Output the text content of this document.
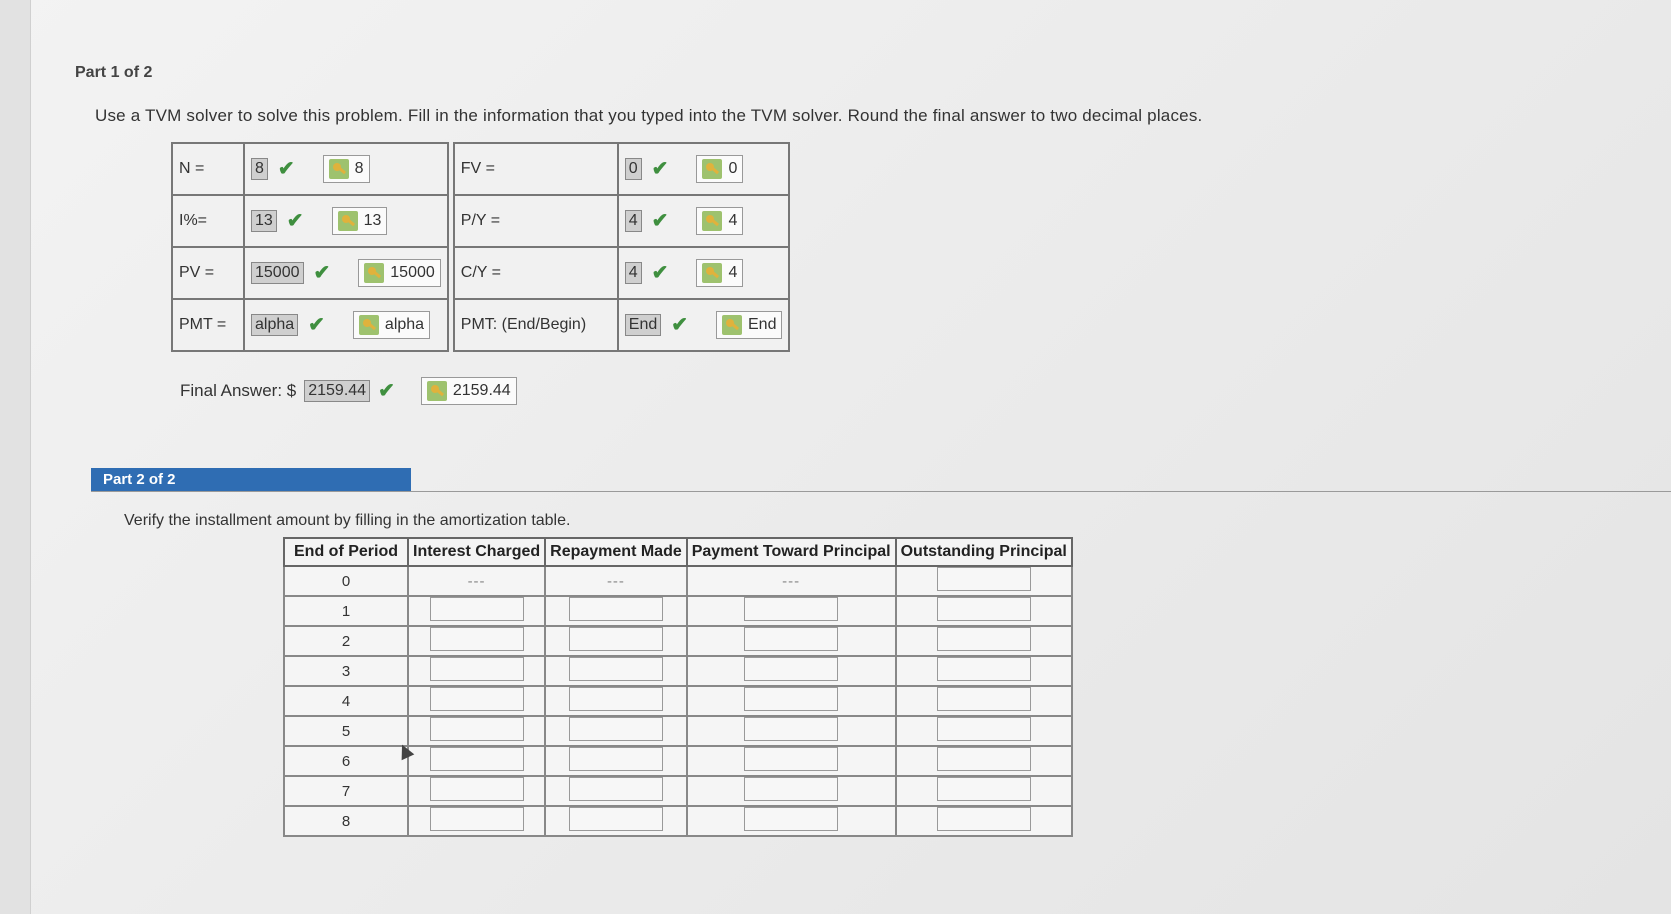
Part 1 of 2
Use a TVM solver to solve this problem. Fill in the information that you typed into the TVM solver. Round the final answer to two decimal places.
N =	8 ✔ 8		FV =	0 ✔ 0

I%=	13 ✔ 13		P/Y =	4 ✔ 4

PV =	15000 ✔ 15000		C/Y =	4 ✔ 4

PMT =	alpha ✔ alpha		PMT: (End/Begin)	End ✔ End
Final Answer: $ 2159.44 ✔	2159.44
Part 2 of 2
Verify the installment amount by filling in the amortization table.
End of Period	Interest Charged	Repayment Made	Payment Toward Principal	Outstanding Principal
0	---	---	---	
1				
2				
3				
4				
5				
6				
7				
8				
